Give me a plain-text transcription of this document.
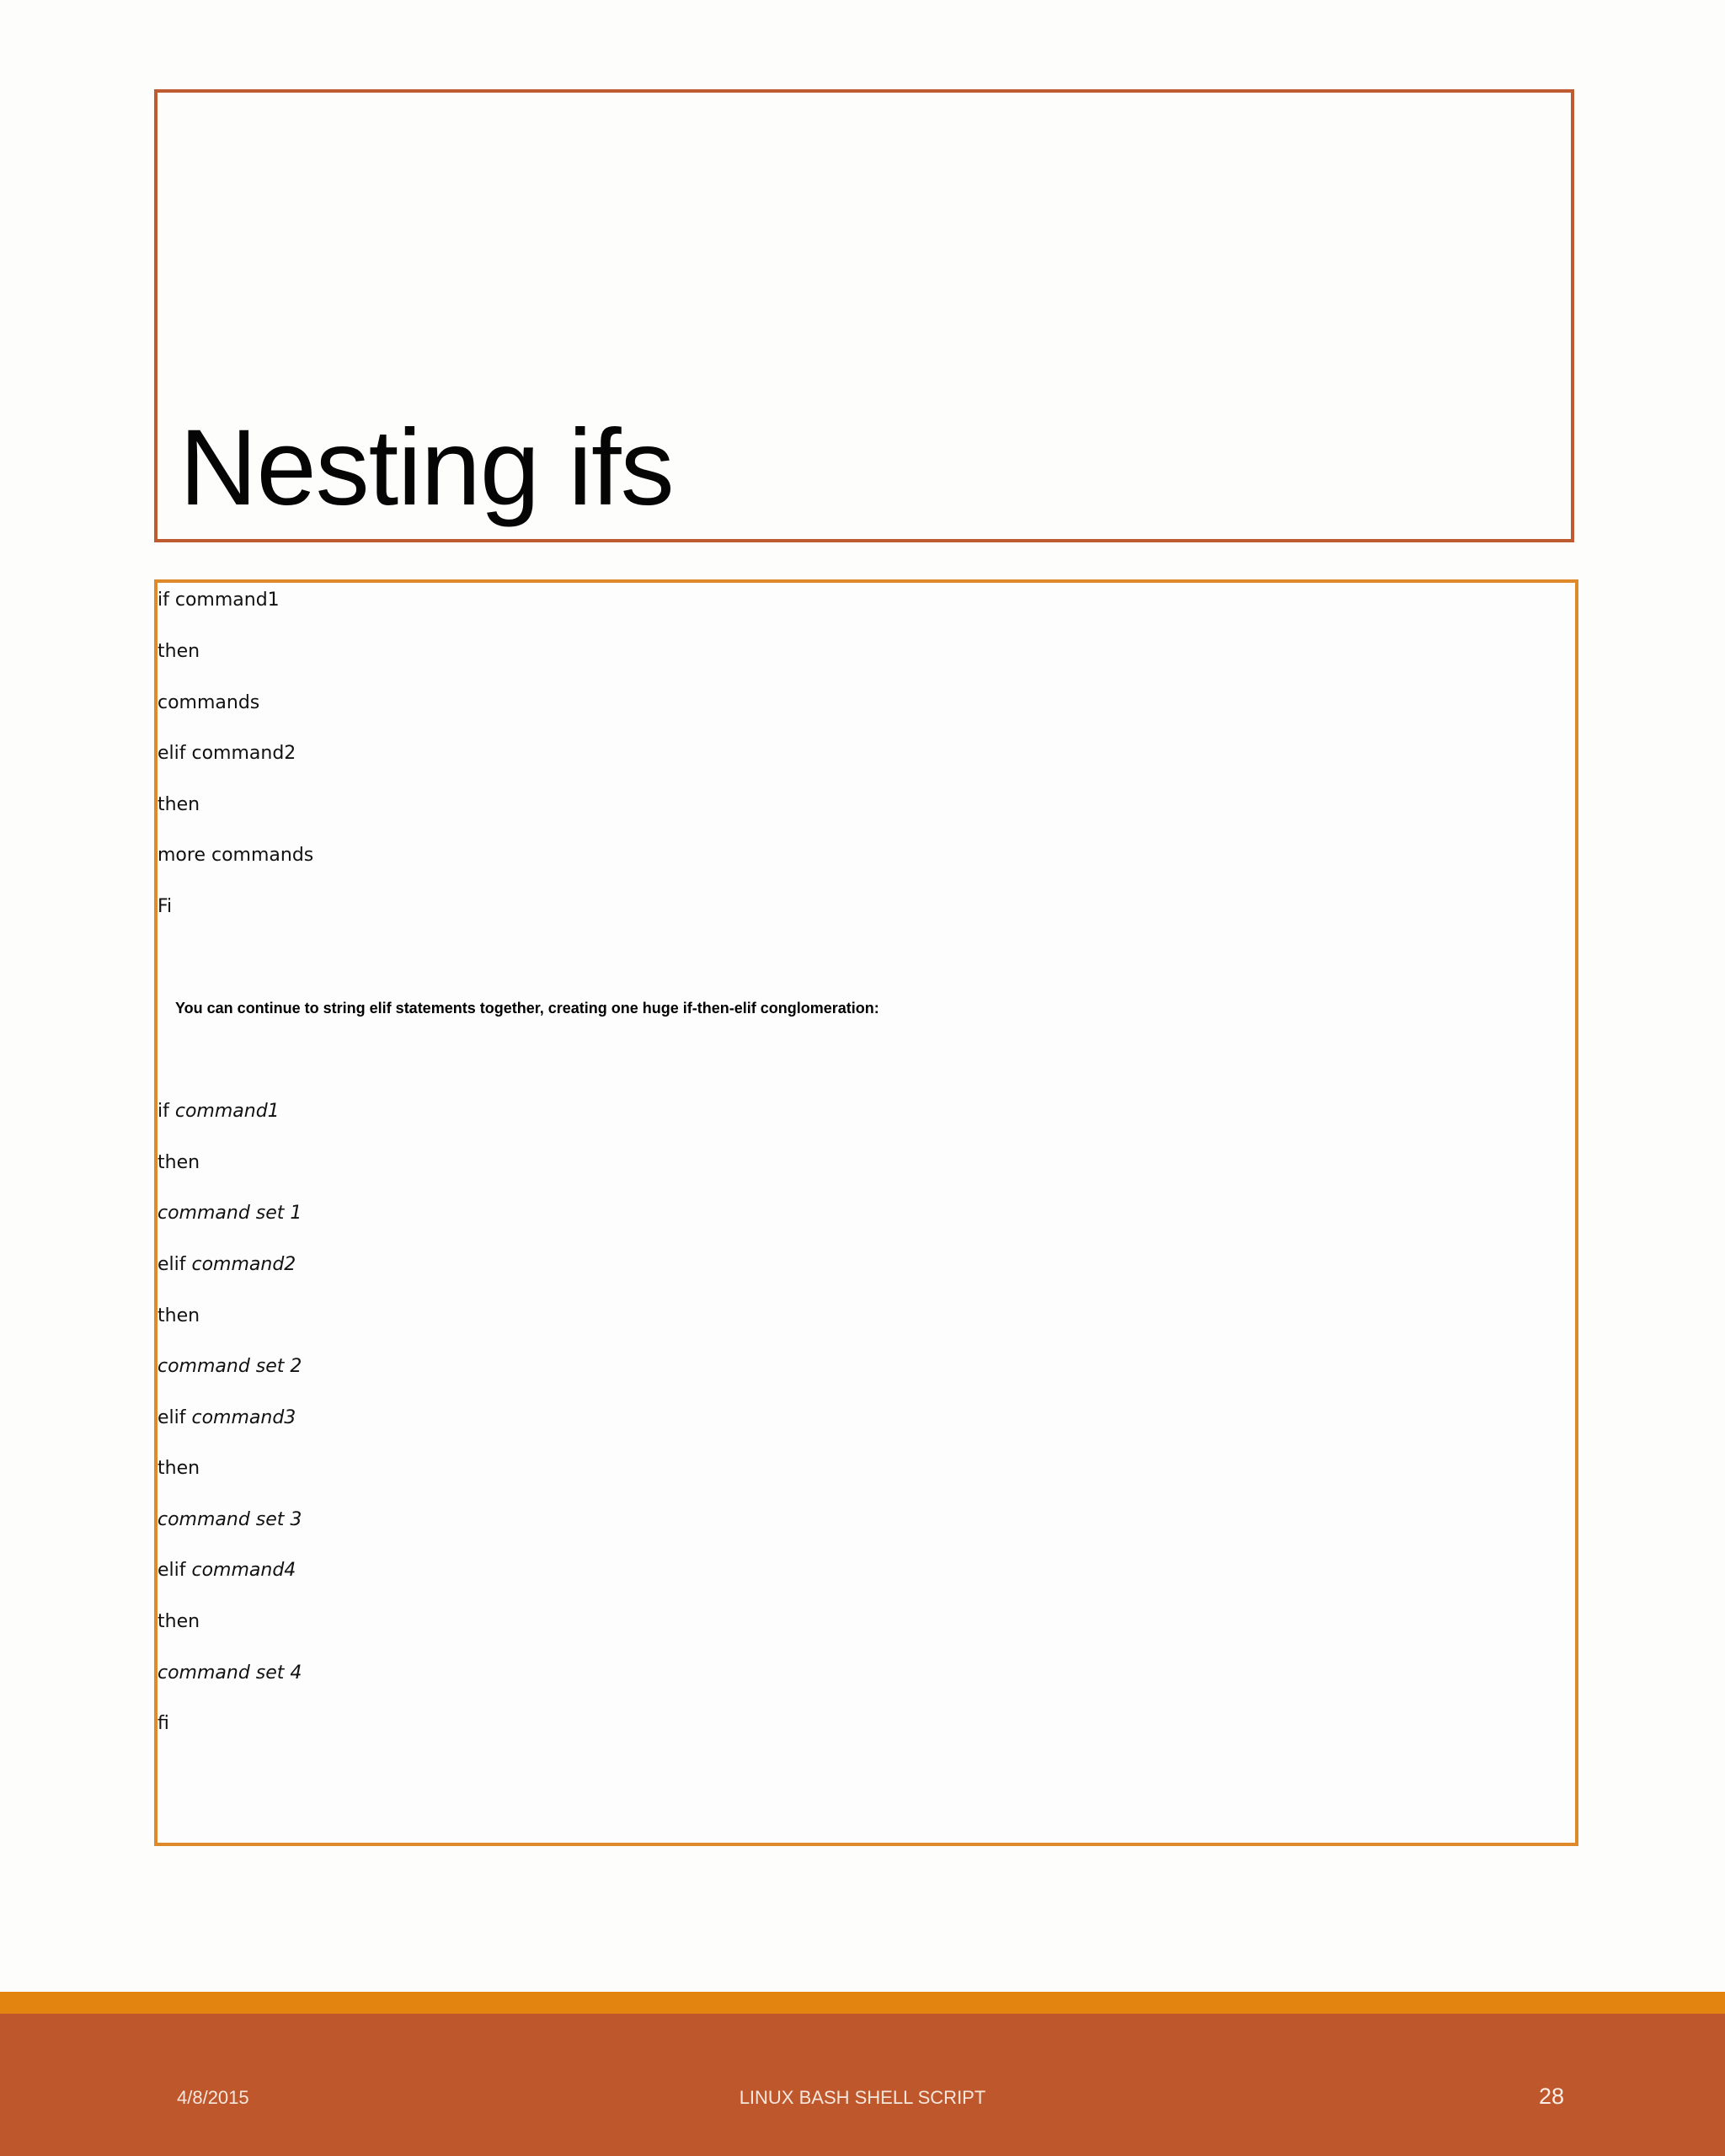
Nesting ifs

if command1

then

commands

elif command2

then

more commands

Fi

You can continue to string elif statements together, creating one huge if-then-elif conglomeration:

if command1

then

command set 1

elif command2

then

command set 2

elif command3

then

command set 3

elif command4

then

command set 4

fi

4/8/2015	LINUX BASH SHELL SCRIPT	28
